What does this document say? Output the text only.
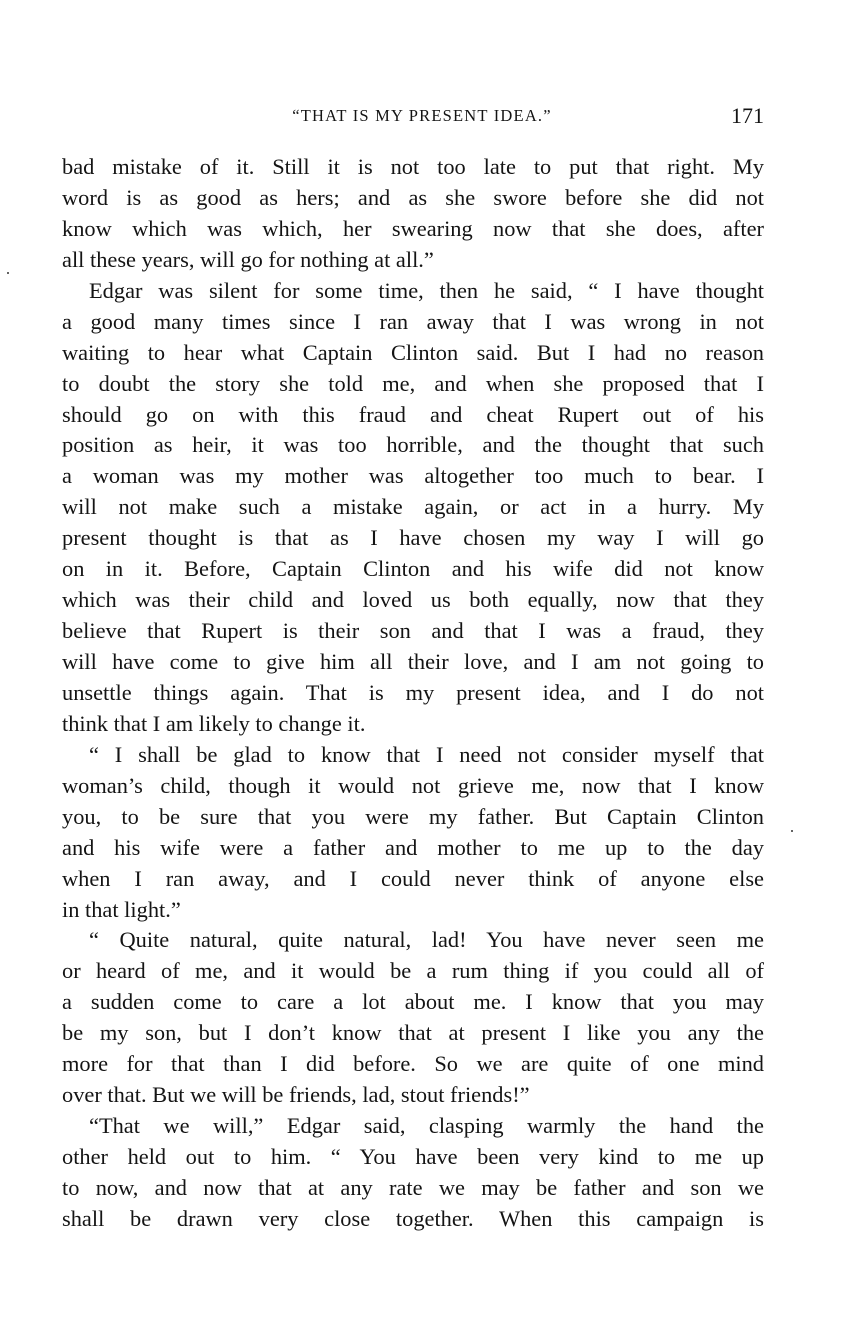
“THAT IS MY PRESENT IDEA.”	171
bad mistake of it. Still it is not too late to put that right. My
word is as good as hers; and as she swore before she did not
know which was which, her swearing now that she does, after
all these years, will go for nothing at all.”
Edgar was silent for some time, then he said, “ I have thought
a good many times since I ran away that I was wrong in not
waiting to hear what Captain Clinton said. But I had no reason
to doubt the story she told me, and when she proposed that I
should go on with this fraud and cheat Rupert out of his
position as heir, it was too horrible, and the thought that such
a woman was my mother was altogether too much to bear. I
will not make such a mistake again, or act in a hurry. My
present thought is that as I have chosen my way I will go
on in it. Before, Captain Clinton and his wife did not know
which was their child and loved us both equally, now that they
believe that Rupert is their son and that I was a fraud, they
will have come to give him all their love, and I am not going to
unsettle things again. That is my present idea, and I do not
think that I am likely to change it.
“ I shall be glad to know that I need not consider myself that
woman’s child, though it would not grieve me, now that I know
you, to be sure that you were my father. But Captain Clinton
and his wife were a father and mother to me up to the day
when I ran away, and I could never think of anyone else
in that light.”
“ Quite natural, quite natural, lad! You have never seen me
or heard of me, and it would be a rum thing if you could all of
a sudden come to care a lot about me. I know that you may
be my son, but I don’t know that at present I like you any the
more for that than I did before. So we are quite of one mind
over that. But we will be friends, lad, stout friends!”
“That we will,” Edgar said, clasping warmly the hand the
other held out to him. “ You have been very kind to me up
to now, and now that at any rate we may be father and son we
shall be drawn very close together. When this campaign is
